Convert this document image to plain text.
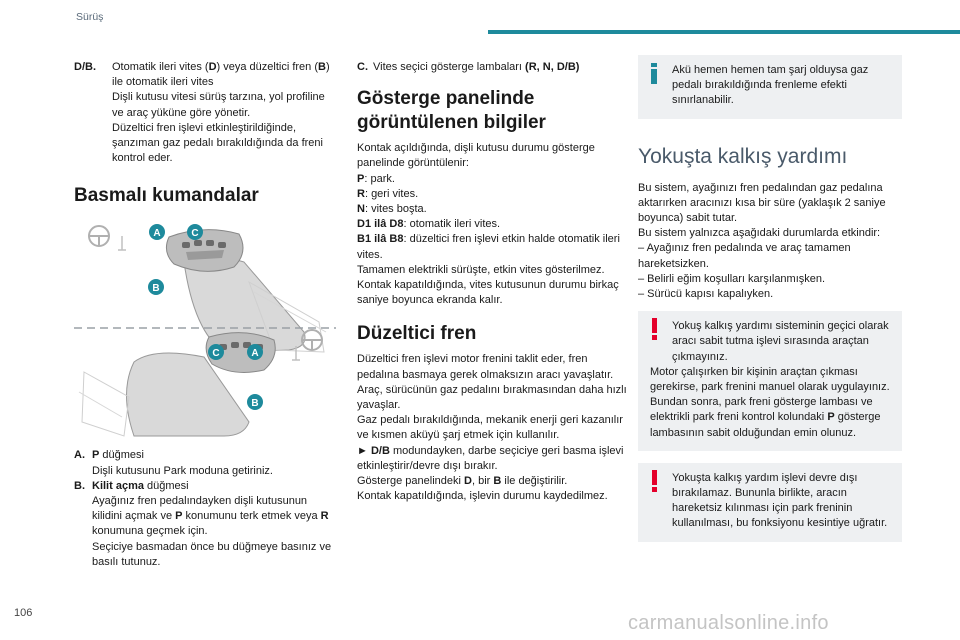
Sürüş
D/B.	Otomatik ileri vites (D) veya düzeltici fren (B) ile otomatik ileri vites

Dişli kutusu vitesi sürüş tarzına, yol profiline ve araç yüküne göre yönetir.

Düzeltici fren işlevi etkinleştirildiğinde, şanzıman gaz pedalı bırakıldığında da freni kontrol eder.

Basmalı kumandalar
A	C
B
C	A
B
A. P düğmesi

Dişli kutusunu Park moduna getiriniz.

B. Kilit açma düğmesi

Ayağınız fren pedalındayken dişli kutusunun kilidini açmak ve P konumunu terk etmek veya R konumuna geçmek için.

Seçiciye basmadan önce bu düğmeye basınız ve basılı tutunuz.

C. Vites seçici gösterge lambaları (R, N, D/B)

Gösterge panelinde görüntülenen bilgiler

Kontak açıldığında, dişli kutusu durumu gösterge panelinde görüntülenir:

P: park.

R: geri vites.

N: vites boşta.

D1 ilâ D8: otomatik ileri vites.

B1 ilâ B8: düzeltici fren işlevi etkin halde otomatik ileri vites.

Tamamen elektrikli sürüşte, etkin vites gösterilmez.

Kontak kapatıldığında, vites kutusunun durumu birkaç saniye boyunca ekranda kalır.

Düzeltici fren

Düzeltici fren işlevi motor frenini taklit eder, fren pedalına basmaya gerek olmaksızın aracı yavaşlatır. Araç, sürücünün gaz pedalını bırakmasından daha hızlı yavaşlar.

Gaz pedalı bırakıldığında, mekanik enerji geri kazanılır ve kısmen aküyü şarj etmek için kullanılır.

► D/B modundayken, darbe seçiciye geri basma işlevi etkinleştirir/devre dışı bırakır.

Gösterge panelindeki D, bir B ile değiştirilir.

Kontak kapatıldığında, işlevin durumu kaydedilmez.

Akü hemen hemen tam şarj olduysa gaz pedalı bırakıldığında frenleme efekti sınırlanabilir.

Yokuşta kalkış yardımı

Bu sistem, ayağınızı fren pedalından gaz pedalına aktarırken aracınızı kısa bir süre (yaklaşık 2 saniye boyunca) sabit tutar.

Bu sistem yalnızca aşağıdaki durumlarda etkindir:

– Ayağınız fren pedalında ve araç tamamen hareketsizken.

– Belirli eğim koşulları karşılanmışken.

– Sürücü kapısı kapalıyken.

Yokuş kalkış yardımı sisteminin geçici olarak aracı sabit tutma işlevi sırasında araçtan çıkmayınız.

Motor çalışırken bir kişinin araçtan çıkması gerekirse, park frenini manuel olarak uygulayınız. Bundan sonra, park freni gösterge lambası ve elektrikli park freni kontrol kolundaki P gösterge lambasının sabit olduğundan emin olunuz.

Yokuşta kalkış yardım işlevi devre dışı bırakılamaz. Bununla birlikte, aracın hareketsiz kılınması için park freninin kullanılması, bu fonksiyonu kesintiye uğratır.

106	carmanualsonline.info
